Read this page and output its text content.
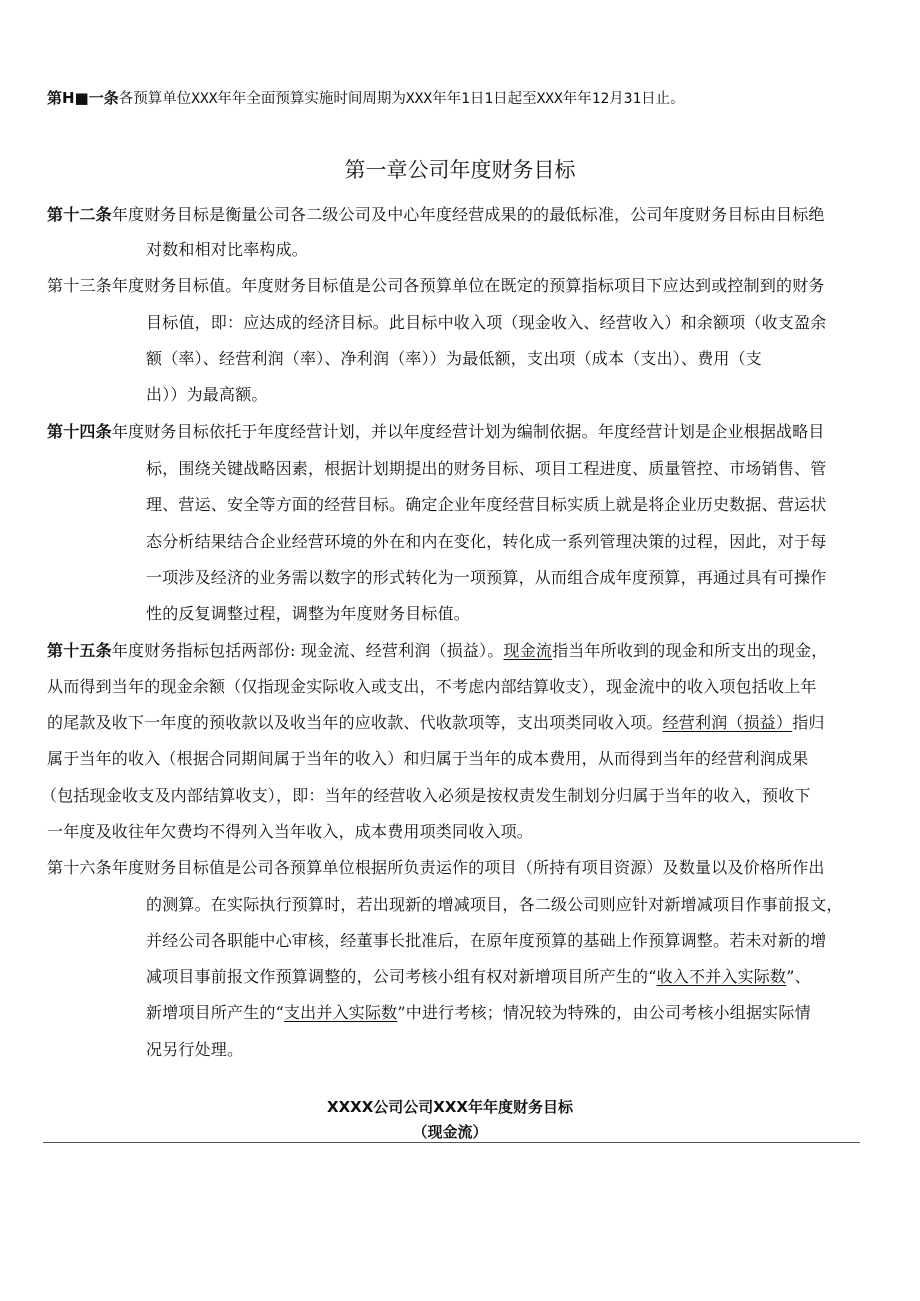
第H■一条各预算单位XXX年年全面预算实施时间周期为XXX年年1日1日起至XXX年年12月31日止。
第一章公司年度财务目标
第十二条年度财务目标是衡量公司各二级公司及中心年度经营成果的的最低标准，公司年度财务目标由目标绝
对数和相对比率构成。
第十三条年度财务目标值。年度财务目标值是公司各预算单位在既定的预算指标项目下应达到或控制到的财务
目标值，即：应达成的经济目标。此目标中收入项（现金收入、经营收入）和余额项（收支盈余
额（率）、经营利润（率）、净利润（率））为最低额，支出项（成本（支出）、费用（支
出））为最高额。
第十四条年度财务目标依托于年度经营计划，并以年度经营计划为编制依据。年度经营计划是企业根据战略目
标，围绕关键战略因素，根据计划期提出的财务目标、项目工程进度、质量管控、市场销售、管
理、营运、安全等方面的经营目标。确定企业年度经营目标实质上就是将企业历史数据、营运状
态分析结果结合企业经营环境的外在和内在变化，转化成一系列管理决策的过程，因此，对于每
一项涉及经济的业务需以数字的形式转化为一项预算，从而组合成年度预算，再通过具有可操作
性的反复调整过程，调整为年度财务目标值。
第十五条年度财务指标包括两部份: 现金流、经营利润（损益）。现金流指当年所收到的现金和所支出的现金，
从而得到当年的现金余额（仅指现金实际收入或支出，不考虑内部结算收支），现金流中的收入项包括收上年
的尾款及收下一年度的预收款以及收当年的应收款、代收款项等，支出项类同收入项。经营利润（损益）指归
属于当年的收入（根据合同期间属于当年的收入）和归属于当年的成本费用，从而得到当年的经营利润成果
（包括现金收支及内部结算收支），即：当年的经营收入必须是按权责发生制划分归属于当年的收入，预收下
一年度及收往年欠费均不得列入当年收入，成本费用项类同收入项。
第十六条年度财务目标值是公司各预算单位根据所负责运作的项目（所持有项目资源）及数量以及价格所作出
的测算。在实际执行预算时，若出现新的增减项目，各二级公司则应针对新增减项目作事前报文，
并经公司各职能中心审核，经董事长批准后，在原年度预算的基础上作预算调整。若未对新的增
减项目事前报文作预算调整的，公司考核小组有权对新增项目所产生的“收入不并入实际数”、
新增项目所产生的“支出并入实际数”中进行考核；情况较为特殊的，由公司考核小组据实际情
况另行处理。
XXXX公司公司XXX年年度财务目标
（现金流）
